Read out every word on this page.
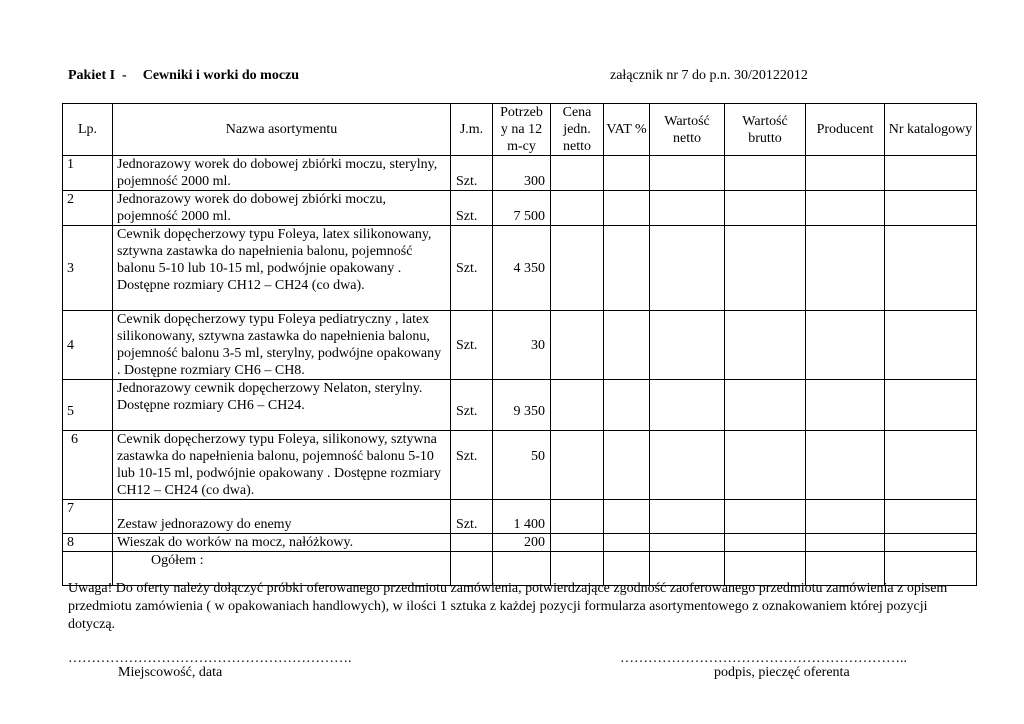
Pakiet I  - Cewniki i worki do moczu	załącznik nr 7 do p.n. 30/20122012
Lp.	Nazwa asortymentu	J.m.	Potrzeb y na 12 m-cy	Cena jedn. netto	VAT %	Wartość netto	Wartość brutto	Producent	Nr katalogowy
1	Jednorazowy worek do dobowej zbiórki moczu, sterylny, pojemność 2000 ml.	Szt.	300						
2	Jednorazowy worek do dobowej zbiórki moczu, pojemność 2000 ml.	Szt.	7 500						
3	Cewnik dopęcherzowy typu Foleya, latex silikonowany, sztywna zastawka do napełnienia balonu, pojemność balonu 5-10 lub 10-15 ml, podwójnie opakowany . Dostępne rozmiary CH12 – CH24 (co dwa).	Szt.	4 350						
4	Cewnik dopęcherzowy typu Foleya pediatryczny , latex silikonowany, sztywna zastawka do napełnienia balonu, pojemność balonu 3-5 ml, sterylny, podwójne opakowany . Dostępne rozmiary CH6 – CH8.	Szt.	30						
5	Jednorazowy cewnik dopęcherzowy Nelaton, sterylny. Dostępne rozmiary CH6 – CH24.	Szt.	9 350						
6	Cewnik dopęcherzowy typu Foleya, silikonowy, sztywna zastawka do napełnienia balonu, pojemność balonu 5-10 lub 10-15 ml, podwójnie opakowany . Dostępne rozmiary CH12 – CH24 (co dwa).	Szt.	50						
7	Zestaw jednorazowy do enemy	Szt.	1 400						
8	Wieszak do worków na mocz, nałóżkowy.		200						
	Ogółem :								
Uwaga! Do oferty należy dołączyć próbki oferowanego przedmiotu zamówienia, potwierdzające zgodność zaoferowanego przedmiotu zamówienia z opisem przedmiotu zamówienia ( w opakowaniach handlowych), w ilości 1 sztuka z każdej pozycji formularza asortymentowego z oznakowaniem której pozycji dotyczą.
…………………………………………………….	……………………………………………………..
Miejscowość, data	podpis, pieczęć oferenta
